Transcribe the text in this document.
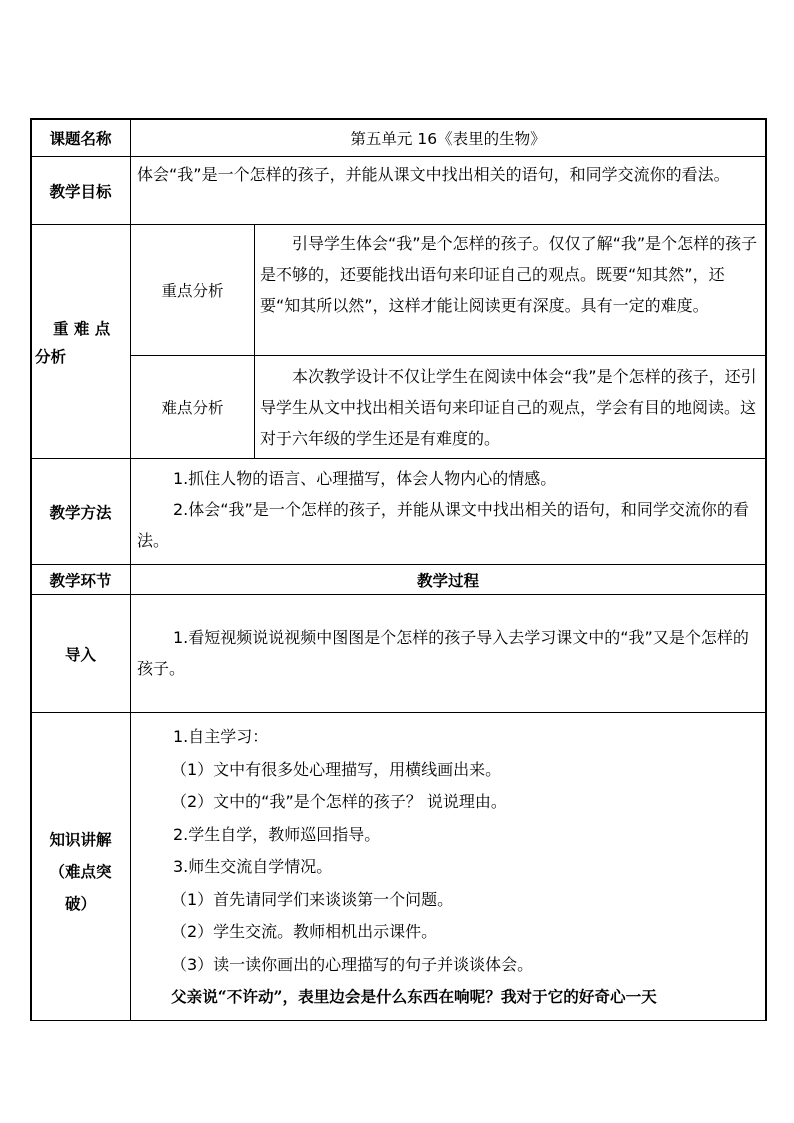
课题名称	第五单元 16《表里的生物》
教学目标

体会“我”是一个怎样的孩子，并能从课文中找出相关的语句，和同学交流你的看法。

重 难 点
分析
重点分析

引导学生体会“我”是个怎样的孩子。仅仅了解“我”是个怎样的孩子是不够的，还要能找出语句来印证自己的观点。既要“知其然”，还要“知其所以然”，这样才能让阅读更有深度。具有一定的难度。

难点分析

本次教学设计不仅让学生在阅读中体会“我”是个怎样的孩子，还引导学生从文中找出相关语句来印证自己的观点，学会有目的地阅读。这对于六年级的学生还是有难度的。

教学方法

1.抓住人物的语言、心理描写，体会人物内心的情感。

2.体会“我”是一个怎样的孩子，并能从课文中找出相关的语句，和同学交流你的看法。

教学环节	教学过程
导入

1.看短视频说说视频中图图是个怎样的孩子导入去学习课文中的“我”又是个怎样的孩子。

知识讲解
（难点突
破）

1.自主学习：

（1）文中有很多处心理描写，用横线画出来。

（2）文中的“我”是个怎样的孩子？ 说说理由。

2.学生自学，教师巡回指导。

3.师生交流自学情况。

（1）首先请同学们来谈谈第一个问题。

（2）学生交流。教师相机出示课件。

（3）读一读你画出的心理描写的句子并谈谈体会。

父亲说“不许动”，表里边会是什么东西在响呢？我对于它的好奇心一天
